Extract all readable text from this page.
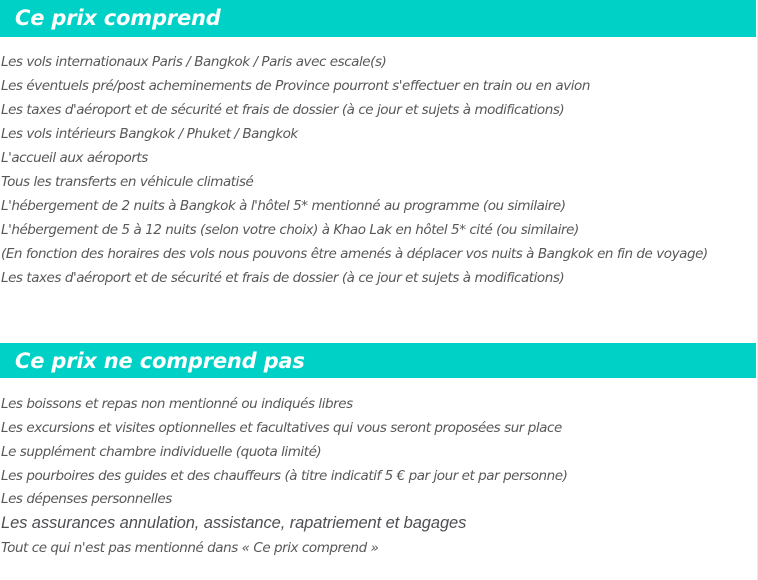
Ce prix comprend
Les vols internationaux Paris / Bangkok / Paris avec escale(s)
Les éventuels pré/post acheminements de Province pourront s'effectuer en train ou en avion
Les taxes d'aéroport et de sécurité et frais de dossier (à ce jour et sujets à modifications)
Les vols intérieurs Bangkok / Phuket / Bangkok
L'accueil aux aéroports
Tous les transferts en véhicule climatisé
L'hébergement de 2 nuits à Bangkok à l'hôtel 5* mentionné au programme (ou similaire)
L'hébergement de 5 à 12 nuits (selon votre choix) à Khao Lak en hôtel 5* cité (ou similaire)
(En fonction des horaires des vols nous pouvons être amenés à déplacer vos nuits à Bangkok en fin de voyage)
Les taxes d'aéroport et de sécurité et frais de dossier (à ce jour et sujets à modifications)
Ce prix ne comprend pas
Les boissons et repas non mentionné ou indiqués libres
Les excursions et visites optionnelles et facultatives qui vous seront proposées sur place
Le supplément chambre individuelle (quota limité)
Les pourboires des guides et des chauffeurs (à titre indicatif 5 € par jour et par personne)
Les dépenses personnelles
Les assurances annulation, assistance, rapatriement et bagages
Tout ce qui n'est pas mentionné dans « Ce prix comprend »
